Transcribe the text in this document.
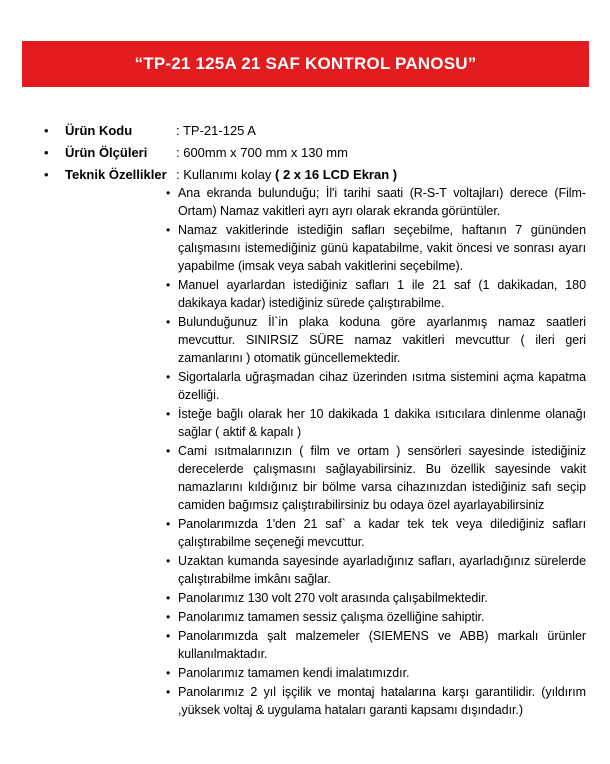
“TP-21 125A 21 SAF KONTROL PANOSU”
• Ürün Kodu	: TP-21-125 A
• Ürün Ölçüleri : 600mm x 700 mm x 130 mm
• Teknik Özellikler : Kullanımı kolay ( 2 x 16 LCD Ekran )
• Ana ekranda bulunduğu; İl'i tarihi saati (R-S-T voltajları) derece (Film- Ortam) Namaz vakitleri ayrı ayrı olarak ekranda görüntüler.
• Namaz vakitlerinde istediğin safları seçebilme, haftanın 7 gününden çalışmasını istemediğiniz günü kapatabilme, vakit öncesi ve sonrası ayarı yapabilme (imsak veya sabah vakitlerini seçebilme).
• Manuel ayarlardan istediğiniz safları 1 ile 21 saf (1 dakikadan, 180 dakikaya kadar) istediğiniz sürede çalıştırabilme.
• Bulunduğunuz İl`in plaka koduna göre ayarlanmış namaz saatleri mevcuttur. SINIRSIZ SÜRE namaz vakitleri mevcuttur ( ileri geri zamanlarını ) otomatik güncellemektedir.
• Sigortalarla uğraşmadan cihaz üzerinden ısıtma sistemini açma kapatma özelliği.
• İsteğe bağlı olarak her 10 dakikada 1 dakika ısıtıcılara dinlenme olanağı sağlar ( aktif & kapalı )
• Cami ısıtmalarınızın ( film ve ortam ) sensörleri sayesinde istediğiniz derecelerde çalışmasını sağlayabilirsiniz. Bu özellik sayesinde vakit namazlarını kıldığınız bir bölme varsa cihazınızdan istediğiniz safı seçip camiden bağımsız çalıştırabilirsiniz bu odaya özel ayarlayabilirsiniz
• Panolarımızda 1'den 21 saf` a kadar tek tek veya dilediğiniz safları çalıştırabilme seçeneği mevcuttur.
• Uzaktan kumanda sayesinde ayarladığınız safları, ayarladığınız sürelerde çalıştırabilme imkânı sağlar.
• Panolarımız 130 volt 270 volt arasında çalışabilmektedir.
• Panolarımız tamamen sessiz çalışma özelliğine sahiptir.
• Panolarımızda şalt malzemeler (SIEMENS ve ABB) markalı ürünler kullanılmaktadır.
• Panolarımız tamamen kendi imalatımızdır.
• Panolarımız 2 yıl işçilik ve montaj hatalarına karşı garantilidir. (yıldırım ,yüksek voltaj & uygulama hataları garanti kapsamı dışındadır.)
